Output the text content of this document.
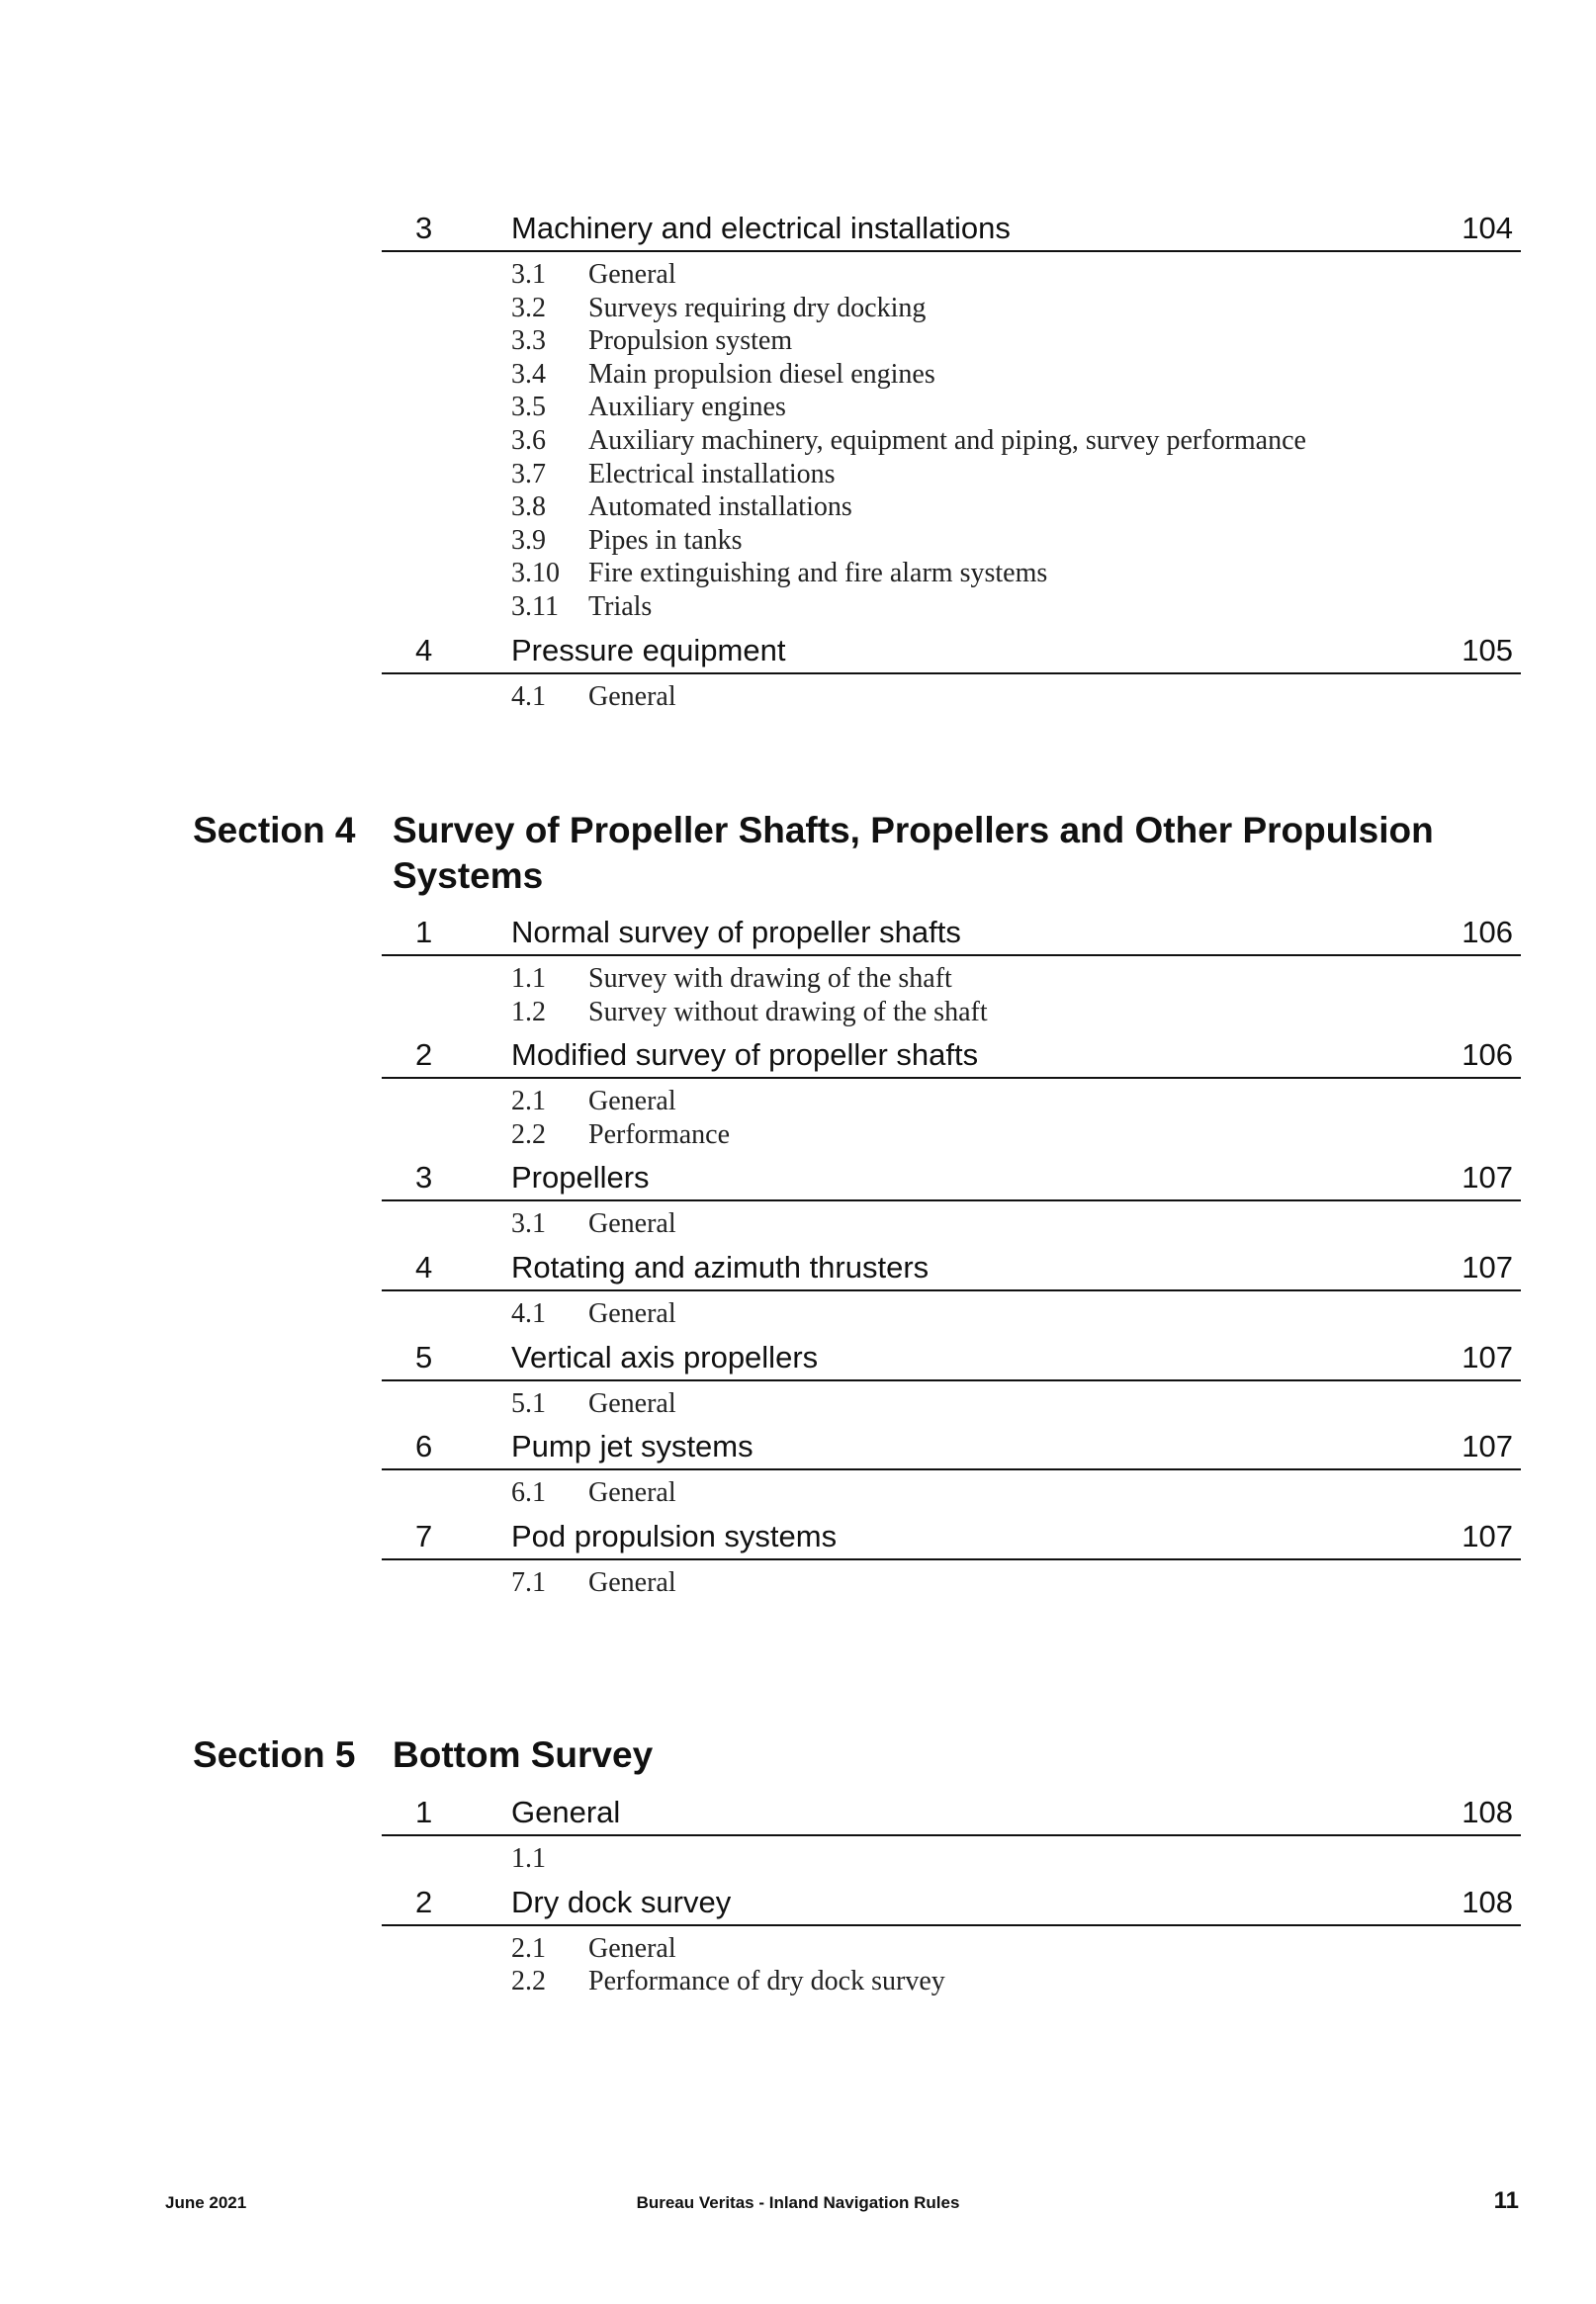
3	Machinery and electrical installations	104
3.1 General
3.2 Surveys requiring dry docking
3.3 Propulsion system
3.4 Main propulsion diesel engines
3.5 Auxiliary engines
3.6 Auxiliary machinery, equipment and piping, survey performance
3.7 Electrical installations
3.8 Automated installations
3.9 Pipes in tanks
3.10 Fire extinguishing and fire alarm systems
3.11 Trials
4	Pressure equipment	105
4.1 General
Section 4 Survey of Propeller Shafts, Propellers and Other Propulsion Systems
1	Normal survey of propeller shafts	106
1.1 Survey with drawing of the shaft
1.2 Survey without drawing of the shaft
2	Modified survey of propeller shafts	106
2.1 General
2.2 Performance
3	Propellers	107
3.1 General
4	Rotating and azimuth thrusters	107
4.1 General
5	Vertical axis propellers	107
5.1 General
6	Pump jet systems	107
6.1 General
7	Pod propulsion systems	107
7.1 General
Section 5 Bottom Survey
1	General	108
1.1
2	Dry dock survey	108
2.1 General
2.2 Performance of dry dock survey
June 2021	Bureau Veritas - Inland Navigation Rules	11
